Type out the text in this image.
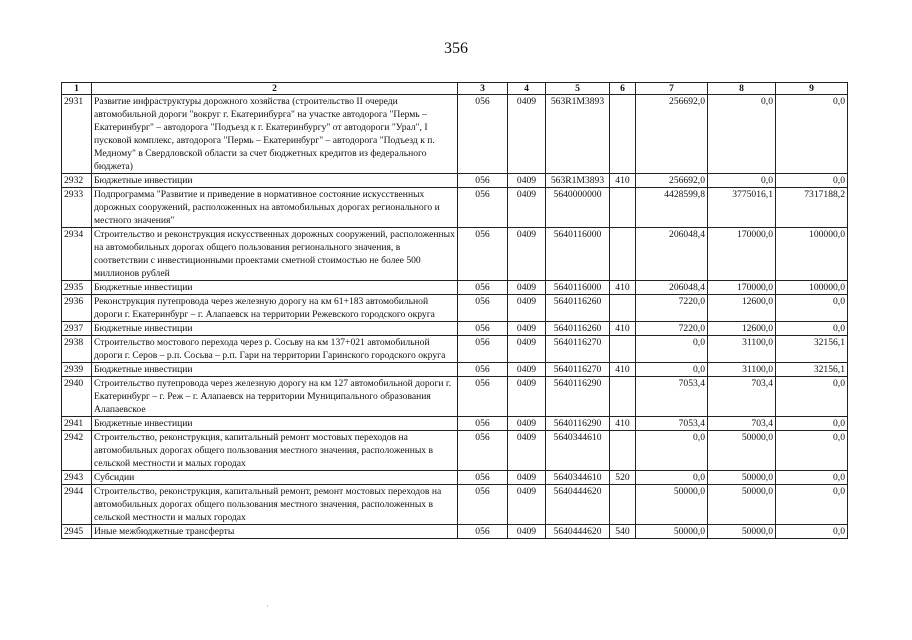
356
1	2	3	4	5	6	7	8	9
2931	Развитие инфраструктуры дорожного хозяйства (строительство II очереди автомобильной дороги "вокруг г. Екатеринбурга" на участке автодорога "Пермь – Екатеринбург" – автодорога "Подъезд к г. Екатеринбургу" от автодороги "Урал", I пусковой комплекс, автодорога "Пермь – Екатеринбург" – автодорога "Подъезд к п. Медному" в Свердловской области за счет бюджетных кредитов из федерального бюджета)	056	0409	563R1M3893		256692,0	0,0	0,0
2932	Бюджетные инвестиции	056	0409	563R1M3893	410	256692,0	0,0	0,0
2933	Подпрограмма "Развитие и приведение в нормативное состояние искусственных дорожных сооружений, расположенных на автомобильных дорогах регионального и местного значения"	056	0409	5640000000		4428599,8	3775016,1	7317188,2
2934	Строительство и реконструкция искусственных дорожных сооружений, расположенных на автомобильных дорогах общего пользования регионального значения, в соответствии с инвестиционными проектами сметной стоимостью не более 500 миллионов рублей	056	0409	5640116000		206048,4	170000,0	100000,0
2935	Бюджетные инвестиции	056	0409	5640116000	410	206048,4	170000,0	100000,0
2936	Реконструкция путепровода через железную дорогу на км 61+183 автомобильной дороги г. Екатеринбург – г. Алапаевск на территории Режевского городского округа	056	0409	5640116260		7220,0	12600,0	0,0
2937	Бюджетные инвестиции	056	0409	5640116260	410	7220,0	12600,0	0,0
2938	Строительство мостового перехода через р. Сосьву на км 137+021 автомобильной дороги г. Серов – р.п. Сосьва – р.п. Гари на территории Гаринского городского округа	056	0409	5640116270		0,0	31100,0	32156,1
2939	Бюджетные инвестиции	056	0409	5640116270	410	0,0	31100,0	32156,1
2940	Строительство путепровода через железную дорогу на км 127 автомобильной дороги г. Екатеринбург – г. Реж – г. Алапаевск на территории Муниципального образования Алапаевское	056	0409	5640116290		7053,4	703,4	0,0
2941	Бюджетные инвестиции	056	0409	5640116290	410	7053,4	703,4	0,0
2942	Строительство, реконструкция, капитальный ремонт мостовых переходов на автомобильных дорогах общего пользования местного значения, расположенных в сельской местности и малых городах	056	0409	5640344610		0,0	50000,0	0,0
2943	Субсидии	056	0409	5640344610	520	0,0	50000,0	0,0
2944	Строительство, реконструкция, капитальный ремонт, ремонт мостовых переходов на автомобильных дорогах общего пользования местного значения, расположенных в сельской местности и малых городах	056	0409	5640444620		50000,0	50000,0	0,0
2945	Иные межбюджетные трансферты	056	0409	5640444620	540	50000,0	50000,0	0,0
ˈ
